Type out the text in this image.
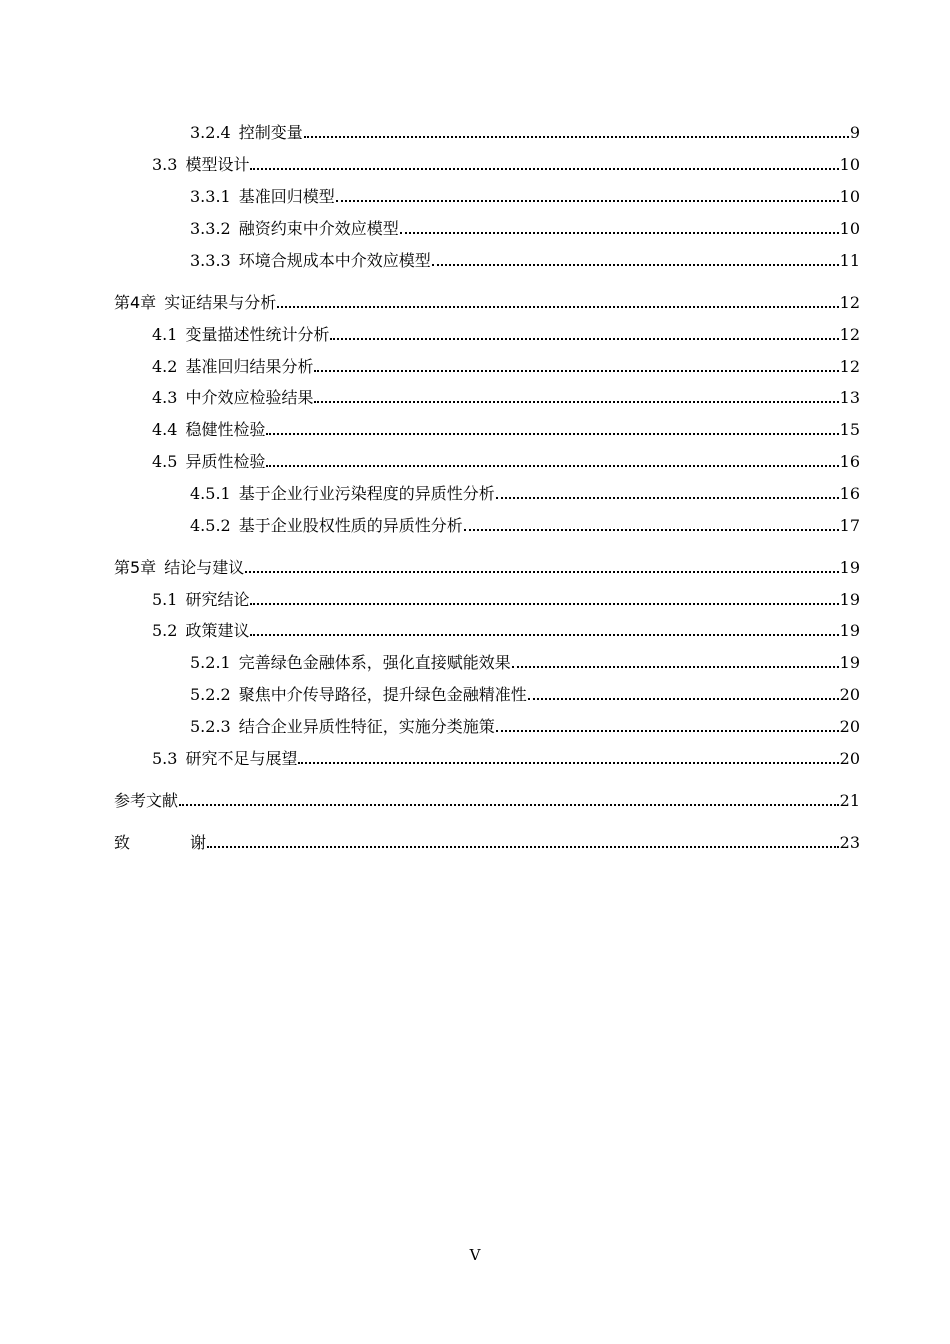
3.2.4 控制变量	9
3.3 模型设计	10
3.3.1 基准回归模型	10
3.3.2 融资约束中介效应模型	10
3.3.3 环境合规成本中介效应模型	11
第4章 实证结果与分析	12
4.1 变量描述性统计分析	12
4.2 基准回归结果分析	12
4.3 中介效应检验结果	13
4.4 稳健性检验	15
4.5 异质性检验	16
4.5.1 基于企业行业污染程度的异质性分析	16
4.5.2 基于企业股权性质的异质性分析	17
第5章 结论与建议	19
5.1 研究结论	19
5.2 政策建议	19
5.2.1 完善绿色金融体系，强化直接赋能效果	19
5.2.2 聚焦中介传导路径，提升绿色金融精准性	20
5.2.3 结合企业异质性特征，实施分类施策	20
5.3 研究不足与展望	20
参考文献	21
致　谢	23
V
